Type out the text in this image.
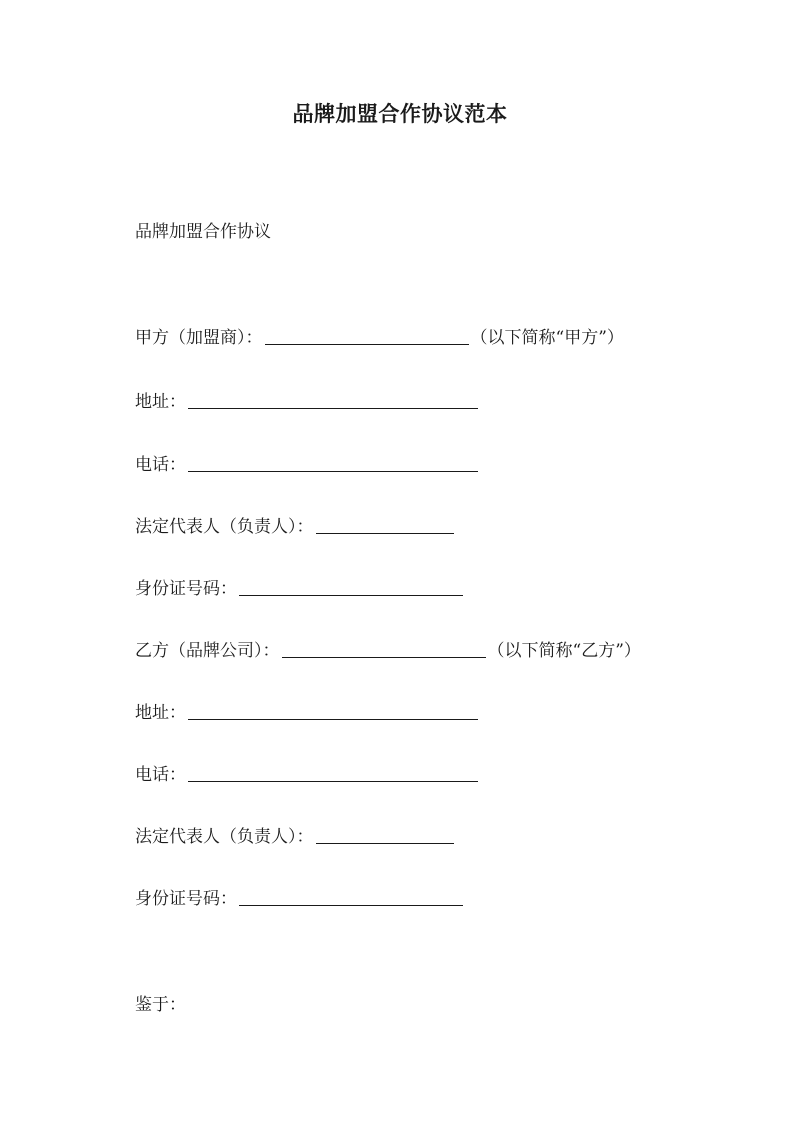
品牌加盟合作协议范本
品牌加盟合作协议
甲方（加盟商）：	（以下简称“甲方”）
地址：
电话：
法定代表人（负责人）：
身份证号码：
乙方（品牌公司）：	（以下简称“乙方”）
地址：
电话：
法定代表人（负责人）：
身份证号码：
鉴于：
